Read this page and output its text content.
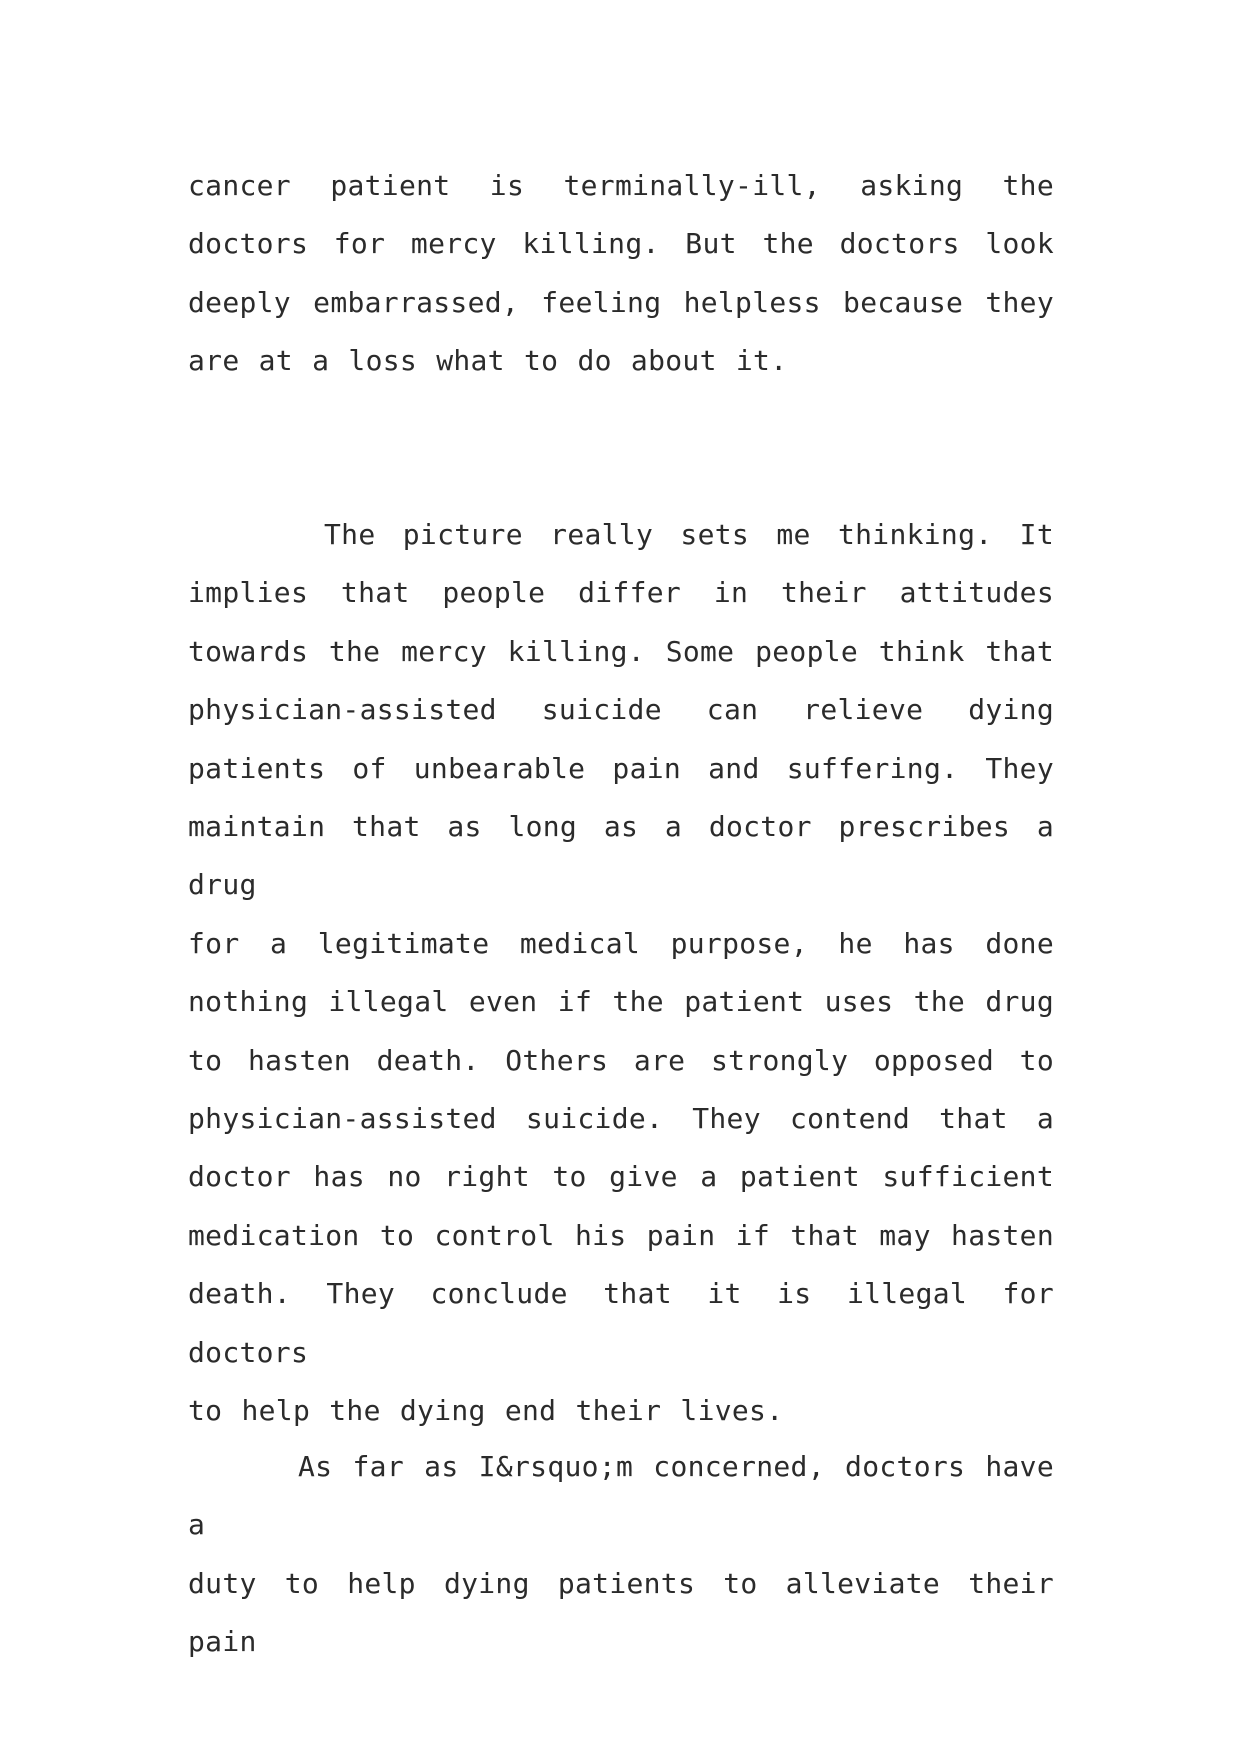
cancer patient is terminally-ill, asking the
doctors for mercy killing. But the doctors look
deeply embarrassed, feeling helpless because they
are at a loss what to do about it.
The picture really sets me thinking. It
implies that people differ in their attitudes
towards the mercy killing. Some people think that
physician-assisted suicide can relieve dying
patients of unbearable pain and suffering. They
maintain that as long as a doctor prescribes a drug
for a legitimate medical purpose, he has done
nothing illegal even if the patient uses the drug
to hasten death. Others are strongly opposed to
physician-assisted suicide. They contend that a
doctor has no right to give a patient sufficient
medication to control his pain if that may hasten
death. They conclude that it is illegal for doctors
to help the dying end their lives.
As far as I&rsquo;m concerned, doctors have a
duty to help dying patients to alleviate their pain
